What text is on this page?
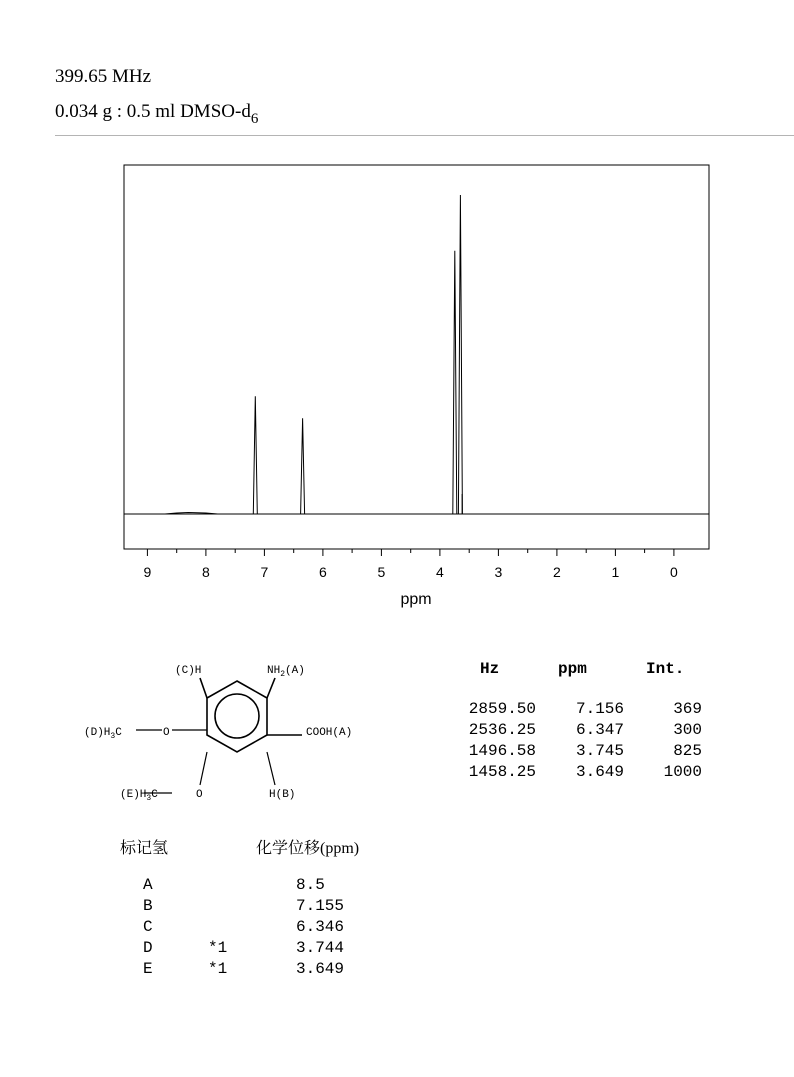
399.65 MHz
0.034 g : 0.5 ml DMSO-$d_6$
9	8	7	6	5	4	3	2	1	0
ppm
Hz	ppm	Int.
2859.50 7.156	369
2536.25 6.347	300
1496.58 3.745	825
1458.25 3.649 1000
(C)H	$NH_2(A)$
COOH(A)
O
$(D)H_3C$
O
$(E)H_3C$	H(B)
标记氢	化学位移(ppm)
A	8.5
B	7.155
C	6.346
D	*1	3.744
E	*1	3.649
